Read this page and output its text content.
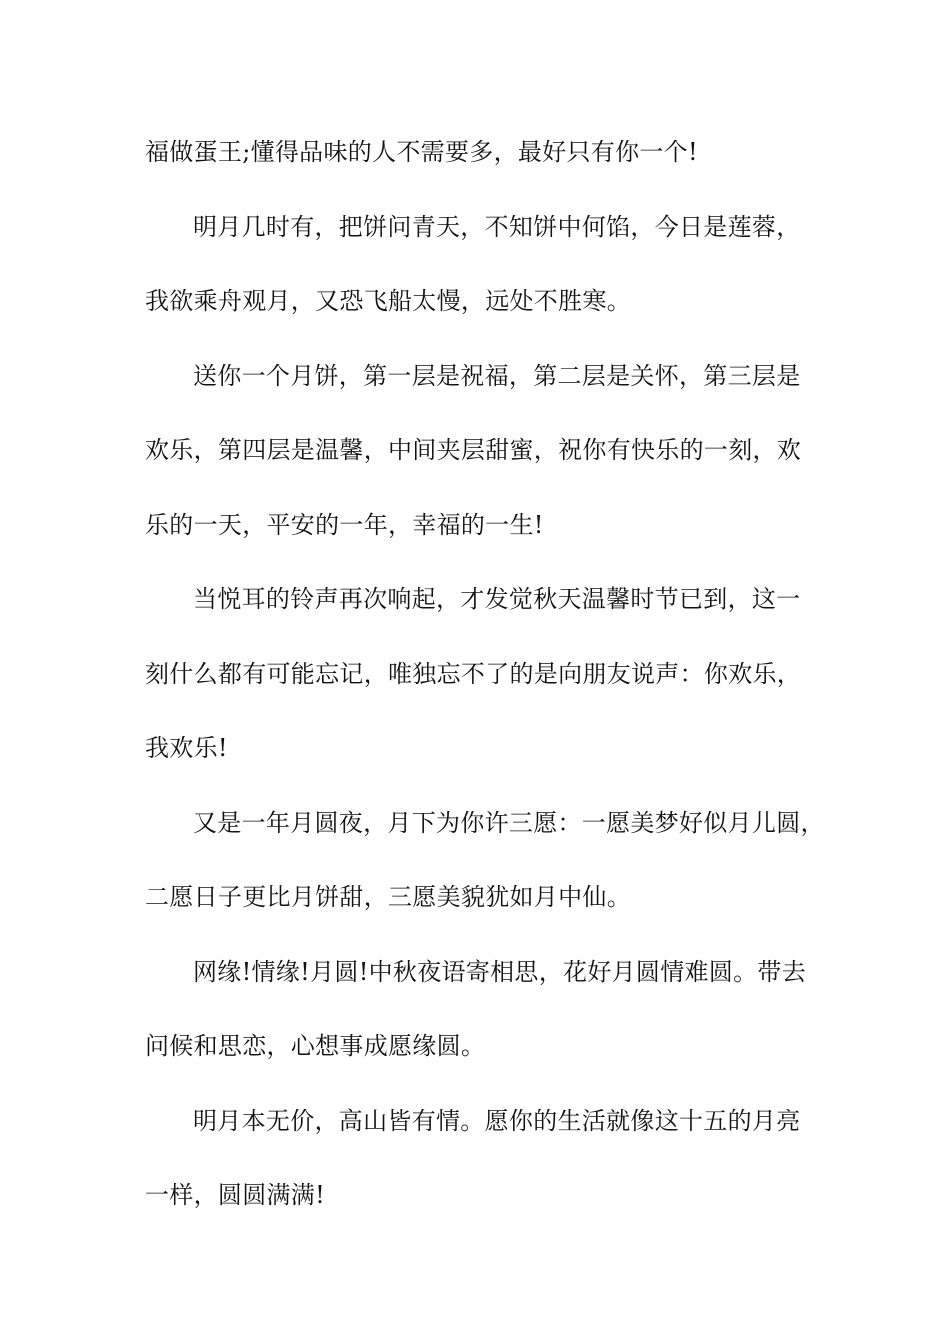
福做蛋王;懂得品味的人不需要多，最好只有你一个!
明月几时有，把饼问青天，不知饼中何馅，今日是莲蓉，
我欲乘舟观月，又恐飞船太慢，远处不胜寒。
送你一个月饼，第一层是祝福，第二层是关怀，第三层是
欢乐，第四层是温馨，中间夹层甜蜜，祝你有快乐的一刻，欢
乐的一天，平安的一年，幸福的一生!
当悦耳的铃声再次响起，才发觉秋天温馨时节已到，这一
刻什么都有可能忘记，唯独忘不了的是向朋友说声：你欢乐，
我欢乐!
又是一年月圆夜，月下为你许三愿：一愿美梦好似月儿圆，
二愿日子更比月饼甜，三愿美貌犹如月中仙。
网缘!情缘!月圆!中秋夜语寄相思，花好月圆情难圆。带去
问候和思恋，心想事成愿缘圆。
明月本无价，高山皆有情。愿你的生活就像这十五的月亮
一样，圆圆满满!
